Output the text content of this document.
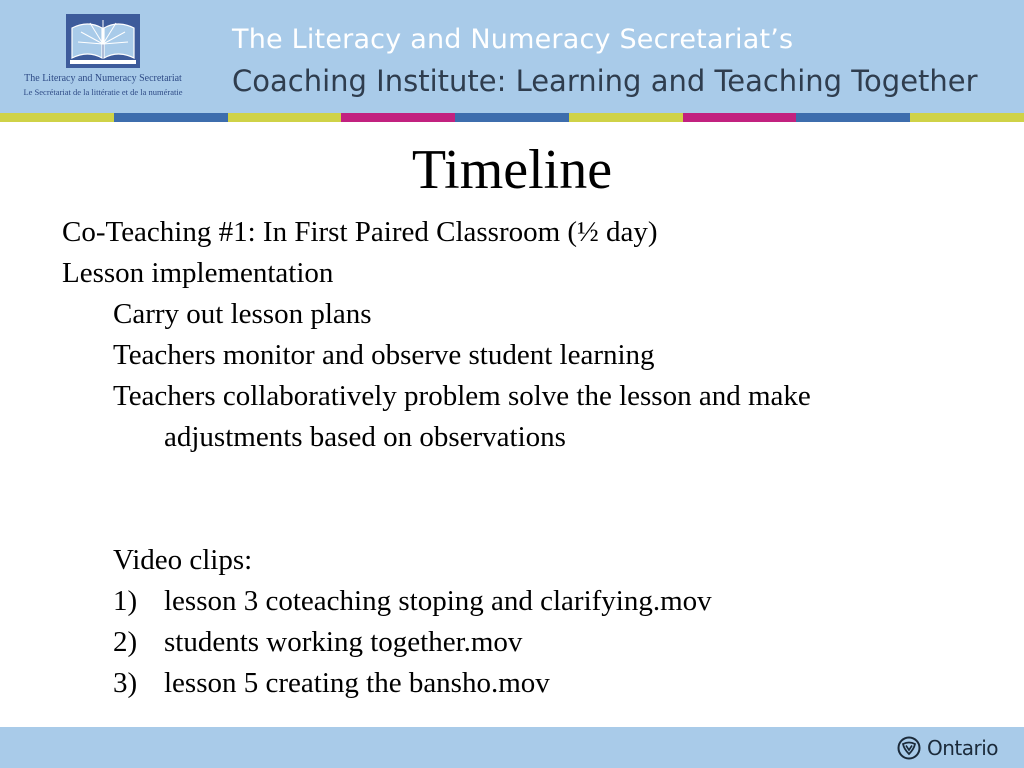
The Literacy and Numeracy Secretariat
Le Secrétariat de la littératie et de la numératie
The Literacy and Numeracy Secretariat’s
Coaching Institute: Learning and Teaching Together
Timeline
Co-Teaching #1: In First Paired Classroom (½ day)
Lesson implementation
Carry out lesson plans
Teachers monitor and observe student learning
Teachers collaboratively problem solve the lesson and make
adjustments based on observations
Video clips:
1) lesson 3 coteaching stoping and clarifying.mov
2) students working together.mov
3) lesson 5 creating the bansho.mov
Ontario
